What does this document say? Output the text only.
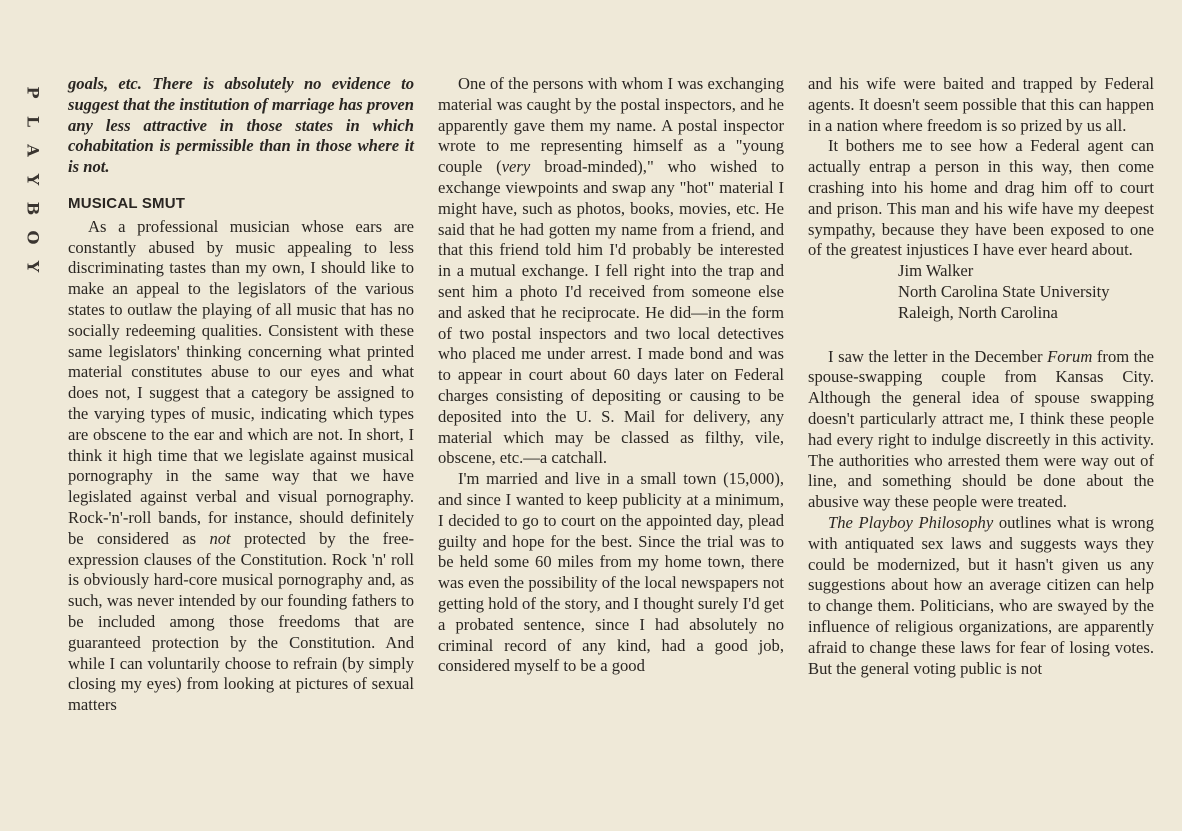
P
L
A
Y
B
O
Y

goals, etc. There is absolutely no evidence to suggest that the institution of marriage has proven any less attractive in those states in which cohabitation is permissible than in those where it is not.

MUSICAL SMUT

As a professional musician whose ears are constantly abused by music appealing to less discriminating tastes than my own, I should like to make an appeal to the legislators of the various states to outlaw the playing of all music that has no socially redeeming qualities. Consistent with these same legislators' thinking concerning what printed material constitutes abuse to our eyes and what does not, I suggest that a category be assigned to the varying types of music, indicating which types are obscene to the ear and which are not. In short, I think it high time that we legislate against musical pornography in the same way that we have legislated against verbal and visual pornography. Rock-'n'-roll bands, for instance, should definitely be considered as not protected by the free-expression clauses of the Constitution. Rock 'n' roll is obviously hard-core musical pornography and, as such, was never intended by our founding fathers to be included among those freedoms that are guaranteed protection by the Constitution. And while I can voluntarily choose to refrain (by simply closing my eyes) from looking at pictures of sexual matters

One of the persons with whom I was exchanging material was caught by the postal inspectors, and he apparently gave them my name. A postal inspector wrote to me representing himself as a "young couple (very broad-minded)," who wished to exchange viewpoints and swap any "hot" material I might have, such as photos, books, movies, etc. He said that he had gotten my name from a friend, and that this friend told him I'd probably be interested in a mutual exchange. I fell right into the trap and sent him a photo I'd received from someone else and asked that he reciprocate. He did—in the form of two postal inspectors and two local detectives who placed me under arrest. I made bond and was to appear in court about 60 days later on Federal charges consisting of depositing or causing to be deposited into the U. S. Mail for delivery, any material which may be classed as filthy, vile, obscene, etc.—a catchall.

I'm married and live in a small town (15,000), and since I wanted to keep publicity at a minimum, I decided to go to court on the appointed day, plead guilty and hope for the best. Since the trial was to be held some 60 miles from my home town, there was even the possibility of the local newspapers not getting hold of the story, and I thought surely I'd get a probated sentence, since I had absolutely no criminal record of any kind, had a good job, considered myself to be a good

and his wife were baited and trapped by Federal agents. It doesn't seem possible that this can happen in a nation where freedom is so prized by us all.

It bothers me to see how a Federal agent can actually entrap a person in this way, then come crashing into his home and drag him off to court and prison. This man and his wife have my deepest sympathy, because they have been exposed to one of the greatest injustices I have ever heard about.

Jim Walker

North Carolina State University

Raleigh, North Carolina

I saw the letter in the December Forum from the spouse-swapping couple from Kansas City. Although the general idea of spouse swapping doesn't particularly attract me, I think these people had every right to indulge discreetly in this activity. The authorities who arrested them were way out of line, and something should be done about the abusive way these people were treated.

The Playboy Philosophy outlines what is wrong with antiquated sex laws and suggests ways they could be modernized, but it hasn't given us any suggestions about how an average citizen can help to change them. Politicians, who are swayed by the influence of religious organizations, are apparently afraid to change these laws for fear of losing votes. But the general voting public is not
